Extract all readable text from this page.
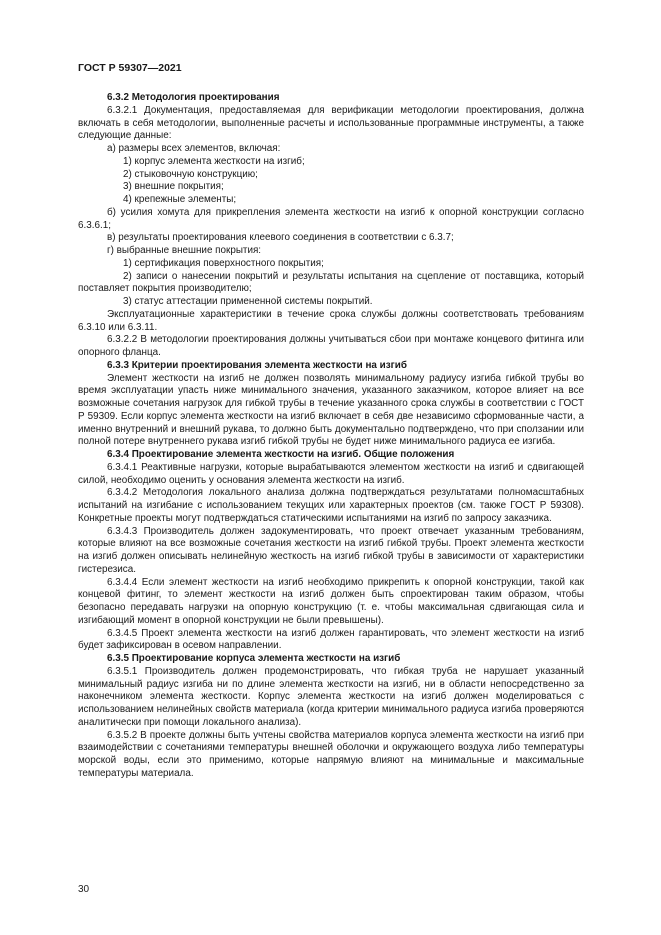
ГОСТ Р 59307—2021

6.3.2 Методология проектирования

6.3.2.1 Документация, предоставляемая для верификации методологии проектирования, должна включать в себя методологии, выполненные расчеты и использованные программные инструменты, а также следующие данные:

а) размеры всех элементов, включая:

1) корпус элемента жесткости на изгиб;

2) стыковочную конструкцию;

3) внешние покрытия;

4) крепежные элементы;

б) усилия хомута для прикрепления элемента жесткости на изгиб к опорной конструкции согласно 6.3.6.1;

в) результаты проектирования клеевого соединения в соответствии с 6.3.7;

г) выбранные внешние покрытия:

1) сертификация поверхностного покрытия;

2) записи о нанесении покрытий и результаты испытания на сцепление от поставщика, который поставляет покрытия производителю;

3) статус аттестации примененной системы покрытий.

Эксплуатационные характеристики в течение срока службы должны соответствовать требованиям 6.3.10 или 6.3.11.

6.3.2.2 В методологии проектирования должны учитываться сбои при монтаже концевого фитинга или опорного фланца.

6.3.3 Критерии проектирования элемента жесткости на изгиб

Элемент жесткости на изгиб не должен позволять минимальному радиусу изгиба гибкой трубы во время эксплуатации упасть ниже минимального значения, указанного заказчиком, которое влияет на все возможные сочетания нагрузок для гибкой трубы в течение указанного срока службы в соответствии с ГОСТ Р 59309. Если корпус элемента жесткости на изгиб включает в себя две независимо сформованные части, а именно внутренний и внешний рукава, то должно быть документально подтверждено, что при сползании или полной потере внутреннего рукава изгиб гибкой трубы не будет ниже минимального радиуса ее изгиба.

6.3.4 Проектирование элемента жесткости на изгиб. Общие положения

6.3.4.1 Реактивные нагрузки, которые вырабатываются элементом жесткости на изгиб и сдвигающей силой, необходимо оценить у основания элемента жесткости на изгиб.

6.3.4.2 Методология локального анализа должна подтверждаться результатами полномасштабных испытаний на изгибание с использованием текущих или характерных проектов (см. также ГОСТ Р 59308). Конкретные проекты могут подтверждаться статическими испытаниями на изгиб по запросу заказчика.

6.3.4.3 Производитель должен задокументировать, что проект отвечает указанным требованиям, которые влияют на все возможные сочетания жесткости на изгиб гибкой трубы. Проект элемента жесткости на изгиб должен описывать нелинейную жесткость на изгиб гибкой трубы в зависимости от характеристики гистерезиса.

6.3.4.4 Если элемент жесткости на изгиб необходимо прикрепить к опорной конструкции, такой как концевой фитинг, то элемент жесткости на изгиб должен быть спроектирован таким образом, чтобы безопасно передавать нагрузки на опорную конструкцию (т. е. чтобы максимальная сдвигающая сила и изгибающий момент в опорной конструкции не были превышены).

6.3.4.5 Проект элемента жесткости на изгиб должен гарантировать, что элемент жесткости на изгиб будет зафиксирован в осевом направлении.

6.3.5 Проектирование корпуса элемента жесткости на изгиб

6.3.5.1 Производитель должен продемонстрировать, что гибкая труба не нарушает указанный минимальный радиус изгиба ни по длине элемента жесткости на изгиб, ни в области непосредственно за наконечником элемента жесткости. Корпус элемента жесткости на изгиб должен моделироваться с использованием нелинейных свойств материала (когда критерии минимального радиуса изгиба проверяются аналитически при помощи локального анализа).

6.3.5.2 В проекте должны быть учтены свойства материалов корпуса элемента жесткости на изгиб при взаимодействии с сочетаниями температуры внешней оболочки и окружающего воздуха либо температуры морской воды, если это применимо, которые напрямую влияют на минимальные и максимальные температуры материала.

30
